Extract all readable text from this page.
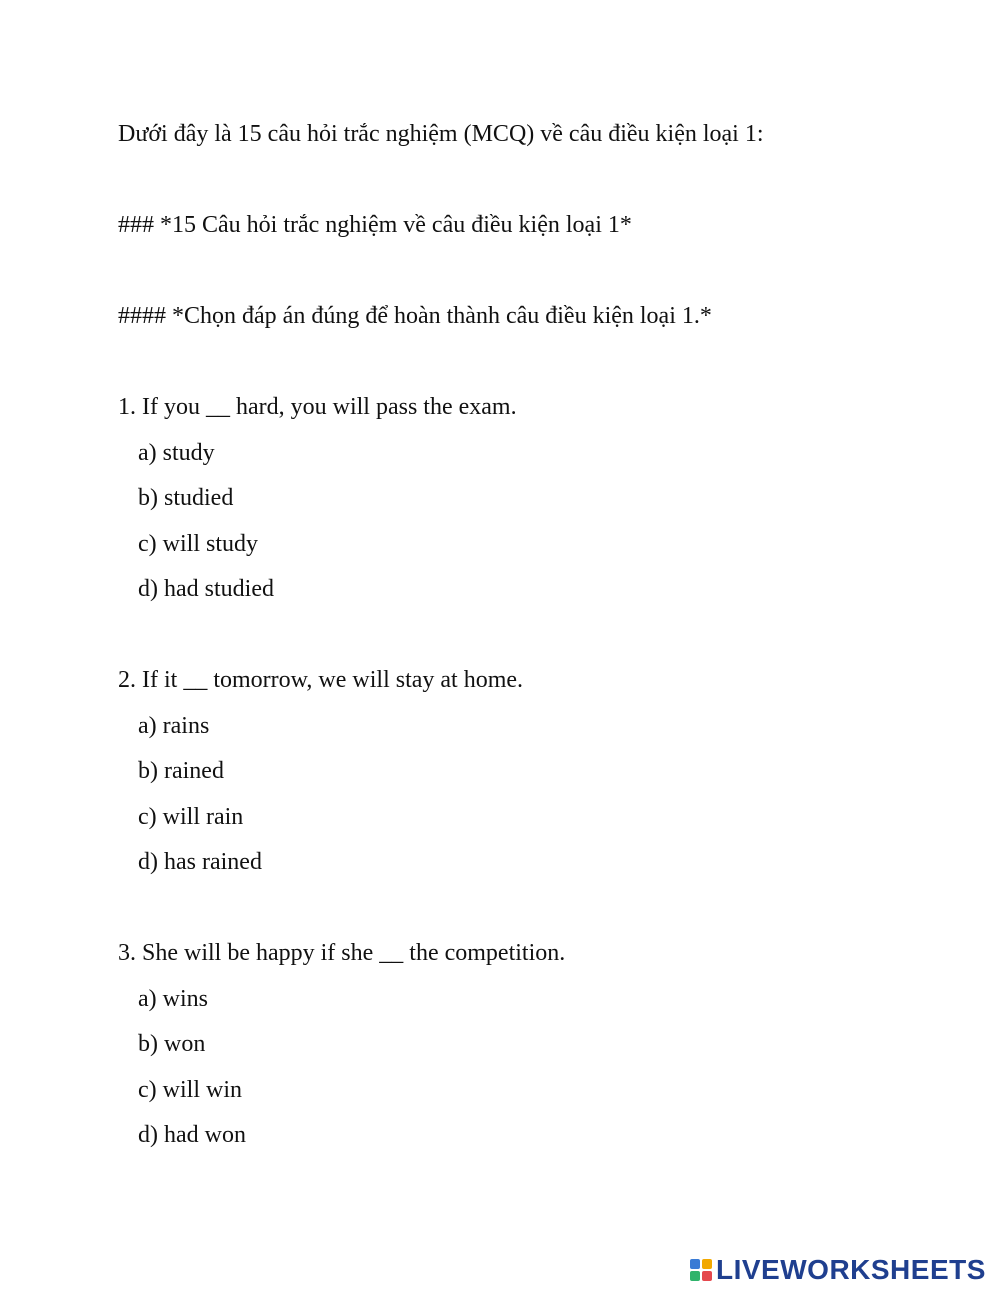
Dưới đây là 15 câu hỏi trắc nghiệm (MCQ) về câu điều kiện loại 1:
### *15 Câu hỏi trắc nghiệm về câu điều kiện loại 1*
#### *Chọn đáp án đúng để hoàn thành câu điều kiện loại 1.*
1. If you __ hard, you will pass the exam.
a) study
b) studied
c) will study
d) had studied
2. If it __ tomorrow, we will stay at home.
a) rains
b) rained
c) will rain
d) has rained
3. She will be happy if she __ the competition.
a) wins
b) won
c) will win
d) had won
LIVEWORKSHEETS
